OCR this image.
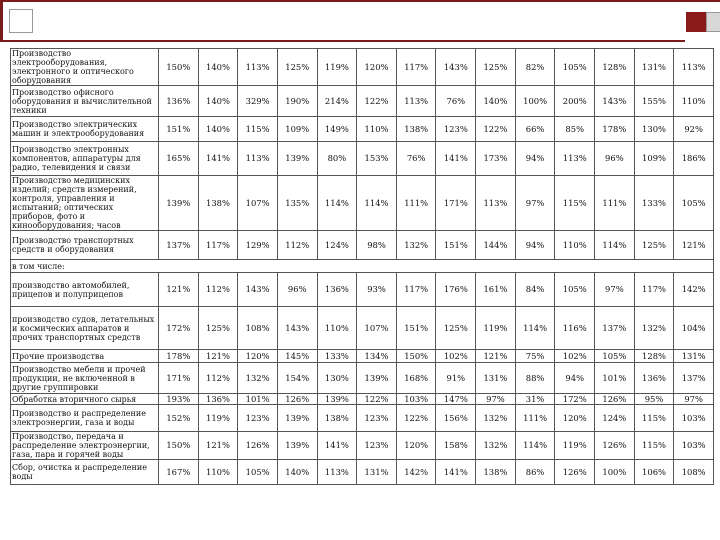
Производство электрооборудования, электронного и оптического оборудования	150%	140%	113%	125%	119%	120%	117%	143%	125%	82%	105%	128%	131%	113%
Производство офисного оборудования и вычислительной техники	136%	140%	329%	190%	214%	122%	113%	76%	140%	100%	200%	143%	155%	110%
Производство электрических машин и электрооборудования	151%	140%	115%	109%	149%	110%	138%	123%	122%	66%	85%	178%	130%	92%
Производство электронных компонентов, аппаратуры для радио, телевидения и связи	165%	141%	113%	139%	80%	153%	76%	141%	173%	94%	113%	96%	109%	186%
Производство медицинских изделий; средств измерений, контроля, управления и испытаний; оптических приборов, фото и кинооборудования; часов	139%	138%	107%	135%	114%	114%	111%	171%	113%	97%	115%	111%	133%	105%
Производство транспортных средств и оборудования	137%	117%	129%	112%	124%	98%	132%	151%	144%	94%	110%	114%	125%	121%
в том числе:														
производство автомобилей, прицепов и полуприцепов	121%	112%	143%	96%	136%	93%	117%	176%	161%	84%	105%	97%	117%	142%
производство судов, летательных и космических аппаратов и прочих транспортных средств	172%	125%	108%	143%	110%	107%	151%	125%	119%	114%	116%	137%	132%	104%
Прочие производства	178%	121%	120%	145%	133%	134%	150%	102%	121%	75%	102%	105%	128%	131%
Производство мебели и прочей продукции, не включенной в другие группировки	171%	112%	132%	154%	130%	139%	168%	91%	131%	88%	94%	101%	136%	137%
Обработка вторичного сырья	193%	136%	101%	126%	139%	122%	103%	147%	97%	31%	172%	126%	95%	97%
Производство и распределение электроэнергии, газа и воды	152%	119%	123%	139%	138%	123%	122%	156%	132%	111%	120%	124%	115%	103%
Производство, передача и распределение электроэнергии, газа, пара и горячей воды	150%	121%	126%	139%	141%	123%	120%	158%	132%	114%	119%	126%	115%	103%
Сбор, очистка и распределение воды	167%	110%	105%	140%	113%	131%	142%	141%	138%	86%	126%	100%	106%	108%
